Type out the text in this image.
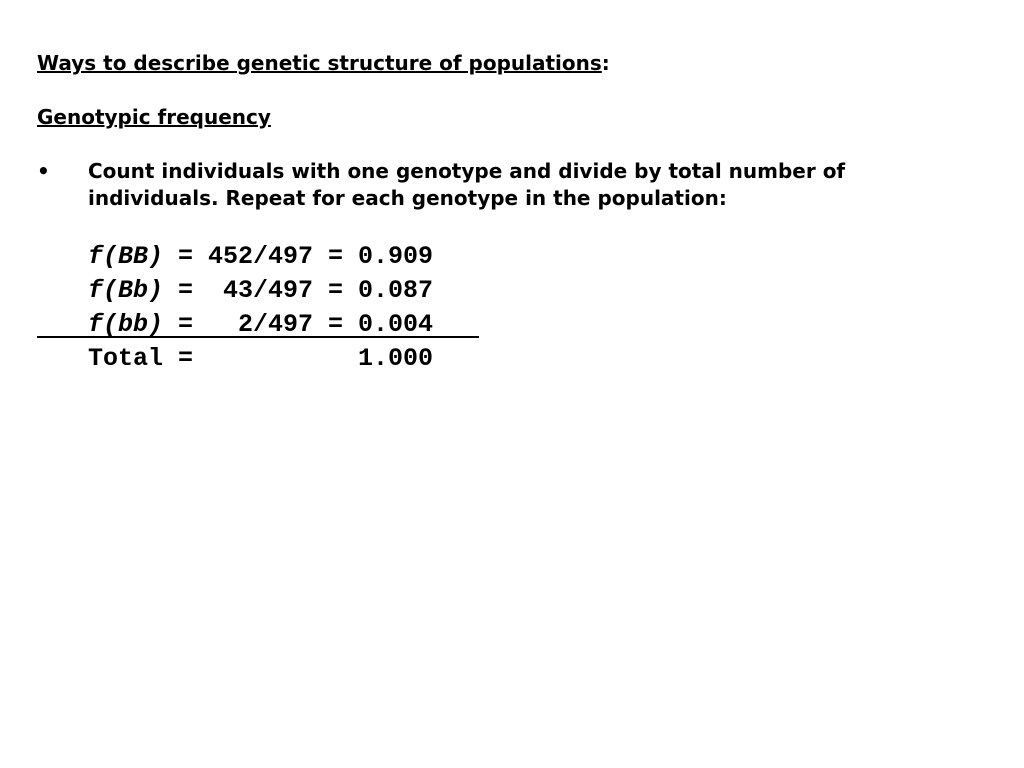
Ways to describe genetic structure of populations:
Genotypic frequency
• Count individuals with one genotype and divide by total number of
individuals. Repeat for each genotype in the population:
f(BB) = 452/497 = 0.909
f(Bb) =  43/497 = 0.087
f(bb) =   2/497 = 0.004
Total =           1.000
